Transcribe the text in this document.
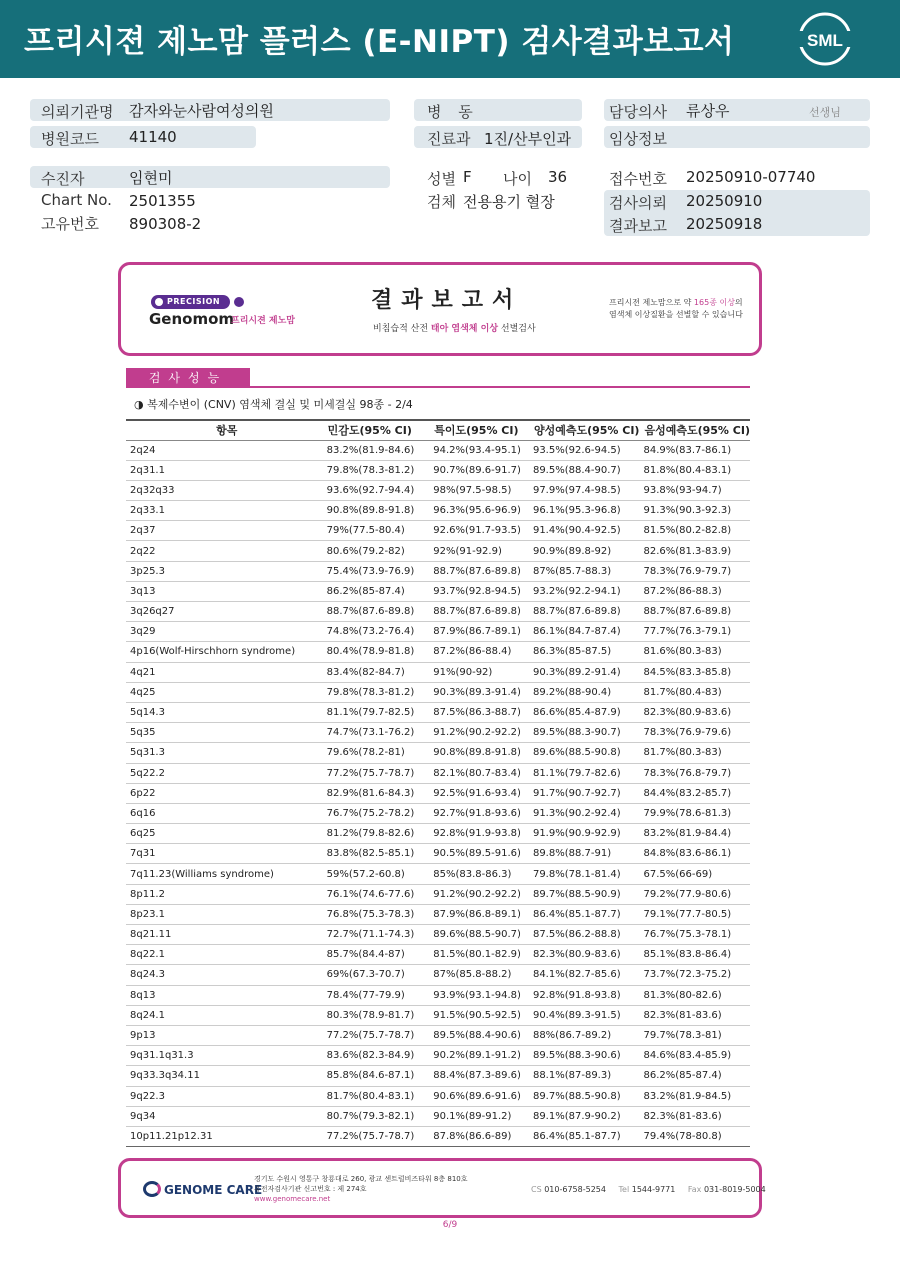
프리시젼 제노맘 플러스 (E-NIPT) 검사결과보고서	SML
의뢰기관명 감자와눈사람여성의원
병원코드 41140
병 동
진료과 1진/산부인과
담당의사 류상우	선생님
임상정보
수진자	임현미
Chart No. 2501355
고유번호 890308-2
성별 F 나이 36
검체 전용용기 혈장
접수번호 20250910-07740
검사의뢰 20250910
결과보고 20250918
PRECISION
Genomom
프리시젼 제노맘
결과보고서
비침습적 산전 태아 염색체 이상 선별검사
프리시젼 제노맘으로 약 165종 이상의
염색체 이상질환을 선별할 수 있습니다
검사성능
◑ 복제수변이 (CNV) 염색체 결실 및 미세결실 98종 - 2/4
항목	민감도(95% CI)	특이도(95% CI)	양성예측도(95% CI)	음성예측도(95% CI)
2q24	83.2%(81.9-84.6)	94.2%(93.4-95.1)	93.5%(92.6-94.5)	84.9%(83.7-86.1)
2q31.1	79.8%(78.3-81.2)	90.7%(89.6-91.7)	89.5%(88.4-90.7)	81.8%(80.4-83.1)
2q32q33	93.6%(92.7-94.4)	98%(97.5-98.5)	97.9%(97.4-98.5)	93.8%(93-94.7)
2q33.1	90.8%(89.8-91.8)	96.3%(95.6-96.9)	96.1%(95.3-96.8)	91.3%(90.3-92.3)
2q37	79%(77.5-80.4)	92.6%(91.7-93.5)	91.4%(90.4-92.5)	81.5%(80.2-82.8)
2q22	80.6%(79.2-82)	92%(91-92.9)	90.9%(89.8-92)	82.6%(81.3-83.9)
3p25.3	75.4%(73.9-76.9)	88.7%(87.6-89.8)	87%(85.7-88.3)	78.3%(76.9-79.7)
3q13	86.2%(85-87.4)	93.7%(92.8-94.5)	93.2%(92.2-94.1)	87.2%(86-88.3)
3q26q27	88.7%(87.6-89.8)	88.7%(87.6-89.8)	88.7%(87.6-89.8)	88.7%(87.6-89.8)
3q29	74.8%(73.2-76.4)	87.9%(86.7-89.1)	86.1%(84.7-87.4)	77.7%(76.3-79.1)
4p16(Wolf-Hirschhorn syndrome)	80.4%(78.9-81.8)	87.2%(86-88.4)	86.3%(85-87.5)	81.6%(80.3-83)
4q21	83.4%(82-84.7)	91%(90-92)	90.3%(89.2-91.4)	84.5%(83.3-85.8)
4q25	79.8%(78.3-81.2)	90.3%(89.3-91.4)	89.2%(88-90.4)	81.7%(80.4-83)
5q14.3	81.1%(79.7-82.5)	87.5%(86.3-88.7)	86.6%(85.4-87.9)	82.3%(80.9-83.6)
5q35	74.7%(73.1-76.2)	91.2%(90.2-92.2)	89.5%(88.3-90.7)	78.3%(76.9-79.6)
5q31.3	79.6%(78.2-81)	90.8%(89.8-91.8)	89.6%(88.5-90.8)	81.7%(80.3-83)
5q22.2	77.2%(75.7-78.7)	82.1%(80.7-83.4)	81.1%(79.7-82.6)	78.3%(76.8-79.7)
6p22	82.9%(81.6-84.3)	92.5%(91.6-93.4)	91.7%(90.7-92.7)	84.4%(83.2-85.7)
6q16	76.7%(75.2-78.2)	92.7%(91.8-93.6)	91.3%(90.2-92.4)	79.9%(78.6-81.3)
6q25	81.2%(79.8-82.6)	92.8%(91.9-93.8)	91.9%(90.9-92.9)	83.2%(81.9-84.4)
7q31	83.8%(82.5-85.1)	90.5%(89.5-91.6)	89.8%(88.7-91)	84.8%(83.6-86.1)
7q11.23(Williams syndrome)	59%(57.2-60.8)	85%(83.8-86.3)	79.8%(78.1-81.4)	67.5%(66-69)
8p11.2	76.1%(74.6-77.6)	91.2%(90.2-92.2)	89.7%(88.5-90.9)	79.2%(77.9-80.6)
8p23.1	76.8%(75.3-78.3)	87.9%(86.8-89.1)	86.4%(85.1-87.7)	79.1%(77.7-80.5)
8q21.11	72.7%(71.1-74.3)	89.6%(88.5-90.7)	87.5%(86.2-88.8)	76.7%(75.3-78.1)
8q22.1	85.7%(84.4-87)	81.5%(80.1-82.9)	82.3%(80.9-83.6)	85.1%(83.8-86.4)
8q24.3	69%(67.3-70.7)	87%(85.8-88.2)	84.1%(82.7-85.6)	73.7%(72.3-75.2)
8q13	78.4%(77-79.9)	93.9%(93.1-94.8)	92.8%(91.8-93.8)	81.3%(80-82.6)
8q24.1	80.3%(78.9-81.7)	91.5%(90.5-92.5)	90.4%(89.3-91.5)	82.3%(81-83.6)
9p13	77.2%(75.7-78.7)	89.5%(88.4-90.6)	88%(86.7-89.2)	79.7%(78.3-81)
9q31.1q31.3	83.6%(82.3-84.9)	90.2%(89.1-91.2)	89.5%(88.3-90.6)	84.6%(83.4-85.9)
9q33.3q34.11	85.8%(84.6-87.1)	88.4%(87.3-89.6)	88.1%(87-89.3)	86.2%(85-87.4)
9q22.3	81.7%(80.4-83.1)	90.6%(89.6-91.6)	89.7%(88.5-90.8)	83.2%(81.9-84.5)
9q34	80.7%(79.3-82.1)	90.1%(89-91.2)	89.1%(87.9-90.2)	82.3%(81-83.6)
10p11.21p12.31	77.2%(75.7-78.7)	87.8%(86.6-89)	86.4%(85.1-87.7)	79.4%(78-80.8)
GENOME CARE
경기도 수원시 영통구 창룡대로 260, 광교 센트럴비즈타워 8층 810호
유전자검사기관 신고번호 : 제 274호
www.genomecare.net
CS 010-6758-5254 Tel 1544-9771 Fax 031-8019-5004
6/9
